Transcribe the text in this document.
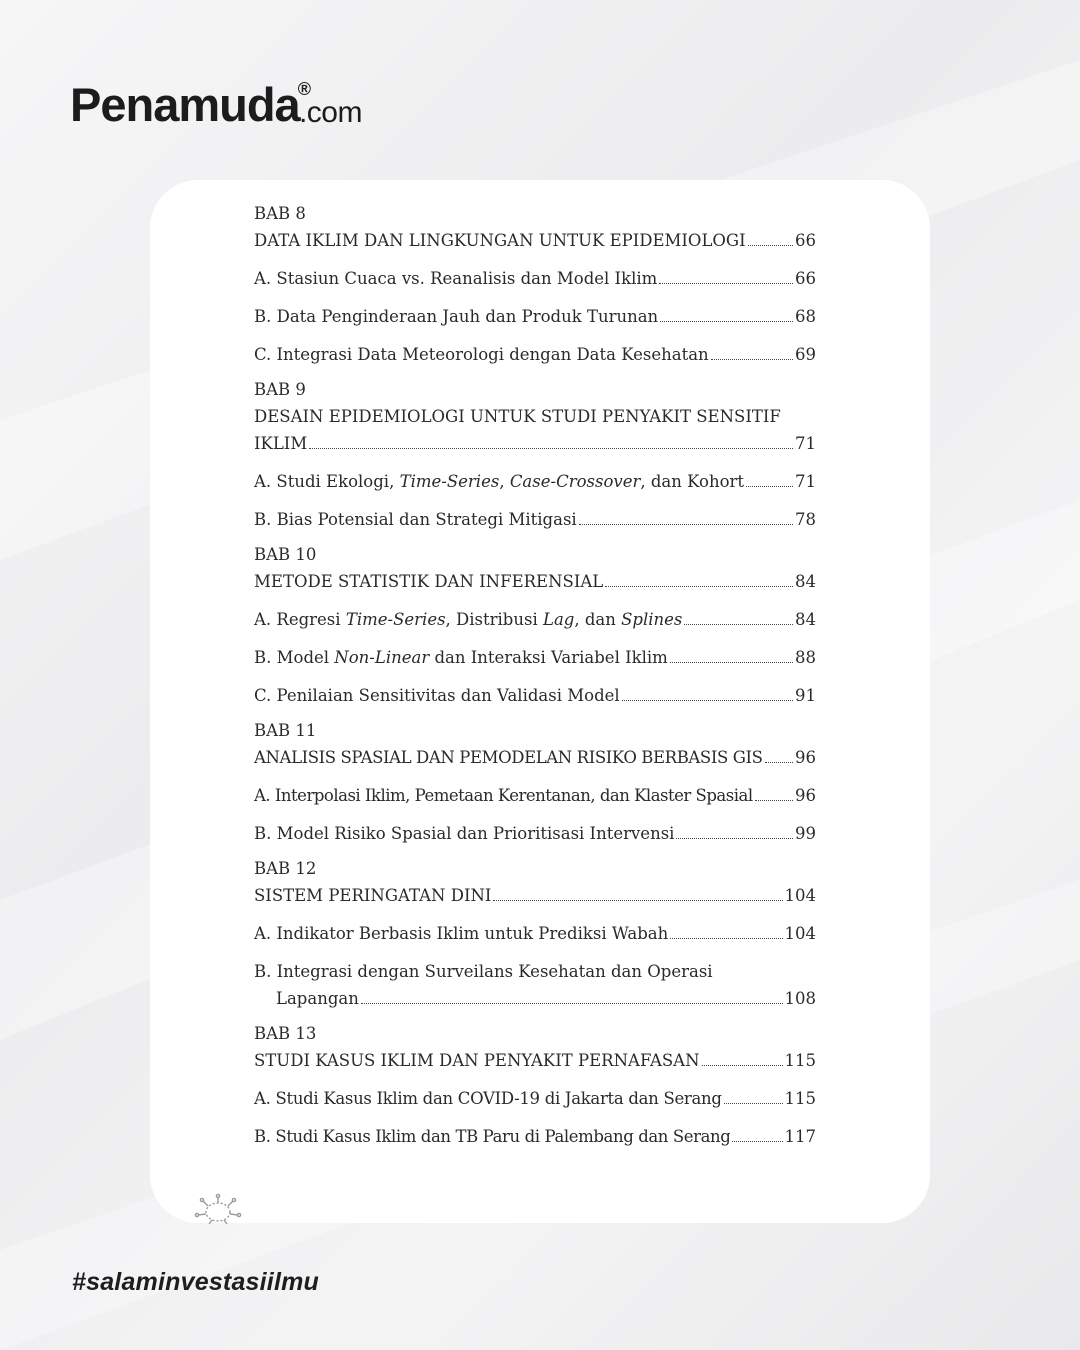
Penamuda
®
.com
BAB 8
DATA IKLIM DAN LINGKUNGAN UNTUK EPIDEMIOLOGI	66
A. Stasiun Cuaca vs. Reanalisis dan Model Iklim	66
B. Data Penginderaan Jauh dan Produk Turunan	68
C. Integrasi Data Meteorologi dengan Data Kesehatan	69
BAB 9
DESAIN EPIDEMIOLOGI UNTUK STUDI PENYAKIT SENSITIF
IKLIM	71
A. Studi Ekologi, Time-Series, Case-Crossover, dan Kohort	71
B. Bias Potensial dan Strategi Mitigasi	78
BAB 10
METODE STATISTIK DAN INFERENSIAL	84
A. Regresi Time-Series, Distribusi Lag, dan Splines	84
B. Model Non-Linear dan Interaksi Variabel Iklim	88
C. Penilaian Sensitivitas dan Validasi Model	91
BAB 11
ANALISIS SPASIAL DAN PEMODELAN RISIKO BERBASIS GIS 96
A. Interpolasi Iklim, Pemetaan Kerentanan, dan Klaster Spasial	96
B. Model Risiko Spasial dan Prioritisasi Intervensi	99
BAB 12
SISTEM PERINGATAN DINI	104
A. Indikator Berbasis Iklim untuk Prediksi Wabah	104
B. Integrasi dengan Surveilans Kesehatan dan Operasi
Lapangan	108
BAB 13
STUDI KASUS IKLIM DAN PENYAKIT PERNAFASAN	115
A. Studi Kasus Iklim dan COVID-19 di Jakarta dan Serang	115
B. Studi Kasus Iklim dan TB Paru di Palembang dan Serang	117
#salaminvestasiilmu
